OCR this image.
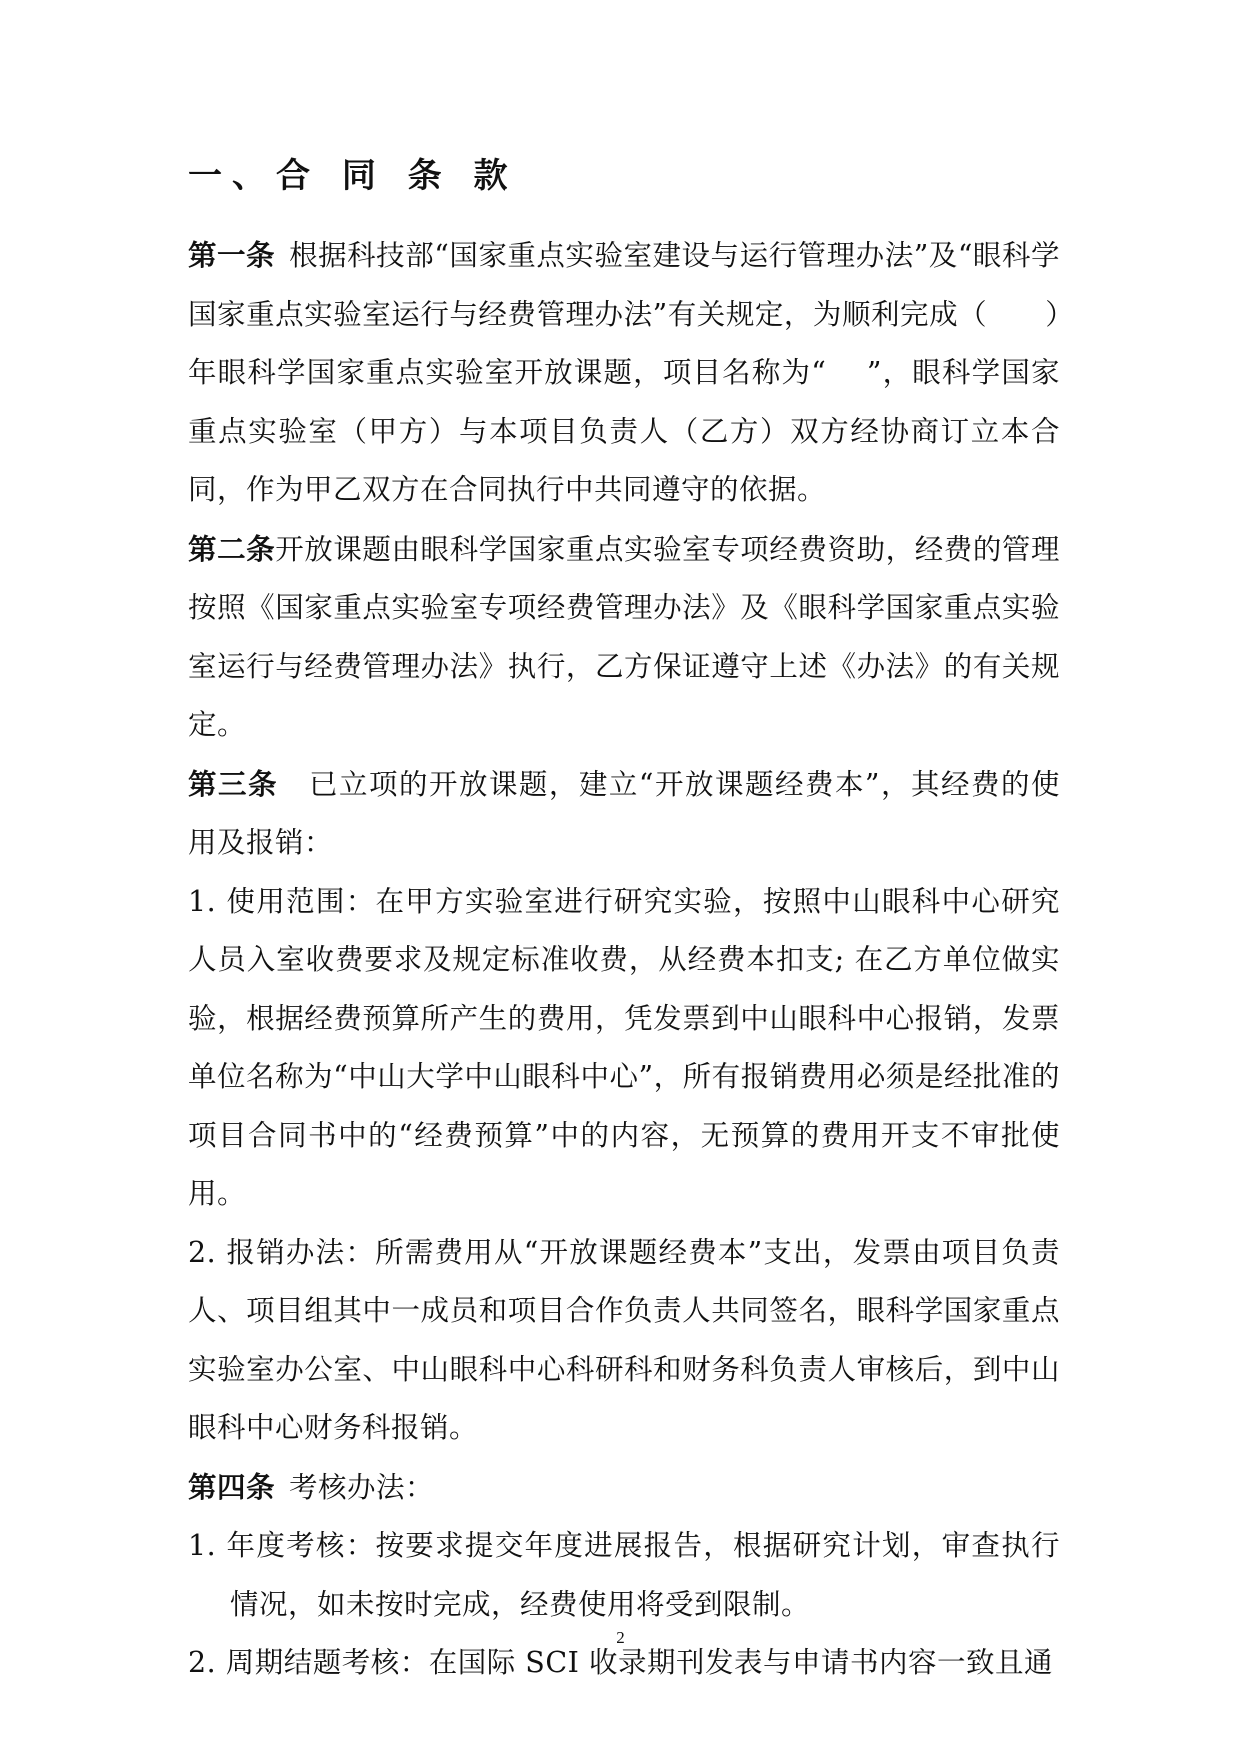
一、合 同 条 款

第一条 根据科技部“国家重点实验室建设与运行管理办法”及“眼科学国家重点实验室运行与经费管理办法”有关规定，为顺利完成（　　）年眼科学国家重点实验室开放课题，项目名称为“　 ”，眼科学国家重点实验室（甲方）与本项目负责人（乙方）双方经协商订立本合同，作为甲乙双方在合同执行中共同遵守的依据。

第二条开放课题由眼科学国家重点实验室专项经费资助，经费的管理按照《国家重点实验室专项经费管理办法》及《眼科学国家重点实验室运行与经费管理办法》执行，乙方保证遵守上述《办法》的有关规定。

第三条 已立项的开放课题，建立“开放课题经费本”，其经费的使用及报销：

1. 使用范围：在甲方实验室进行研究实验，按照中山眼科中心研究人员入室收费要求及规定标准收费，从经费本扣支; 在乙方单位做实验，根据经费预算所产生的费用，凭发票到中山眼科中心报销，发票单位名称为“中山大学中山眼科中心”，所有报销费用必须是经批准的项目合同书中的“经费预算”中的内容，无预算的费用开支不审批使用。

2. 报销办法：所需费用从“开放课题经费本”支出，发票由项目负责人、项目组其中一成员和项目合作负责人共同签名，眼科学国家重点实验室办公室、中山眼科中心科研科和财务科负责人审核后，到中山眼科中心财务科报销。

第四条 考核办法：

1. 年度考核：按要求提交年度进展报告，根据研究计划，审查执行情况，如未按时完成，经费使用将受到限制。

2. 周期结题考核：在国际 SCI 收录期刊发表与申请书内容一致且通

2
